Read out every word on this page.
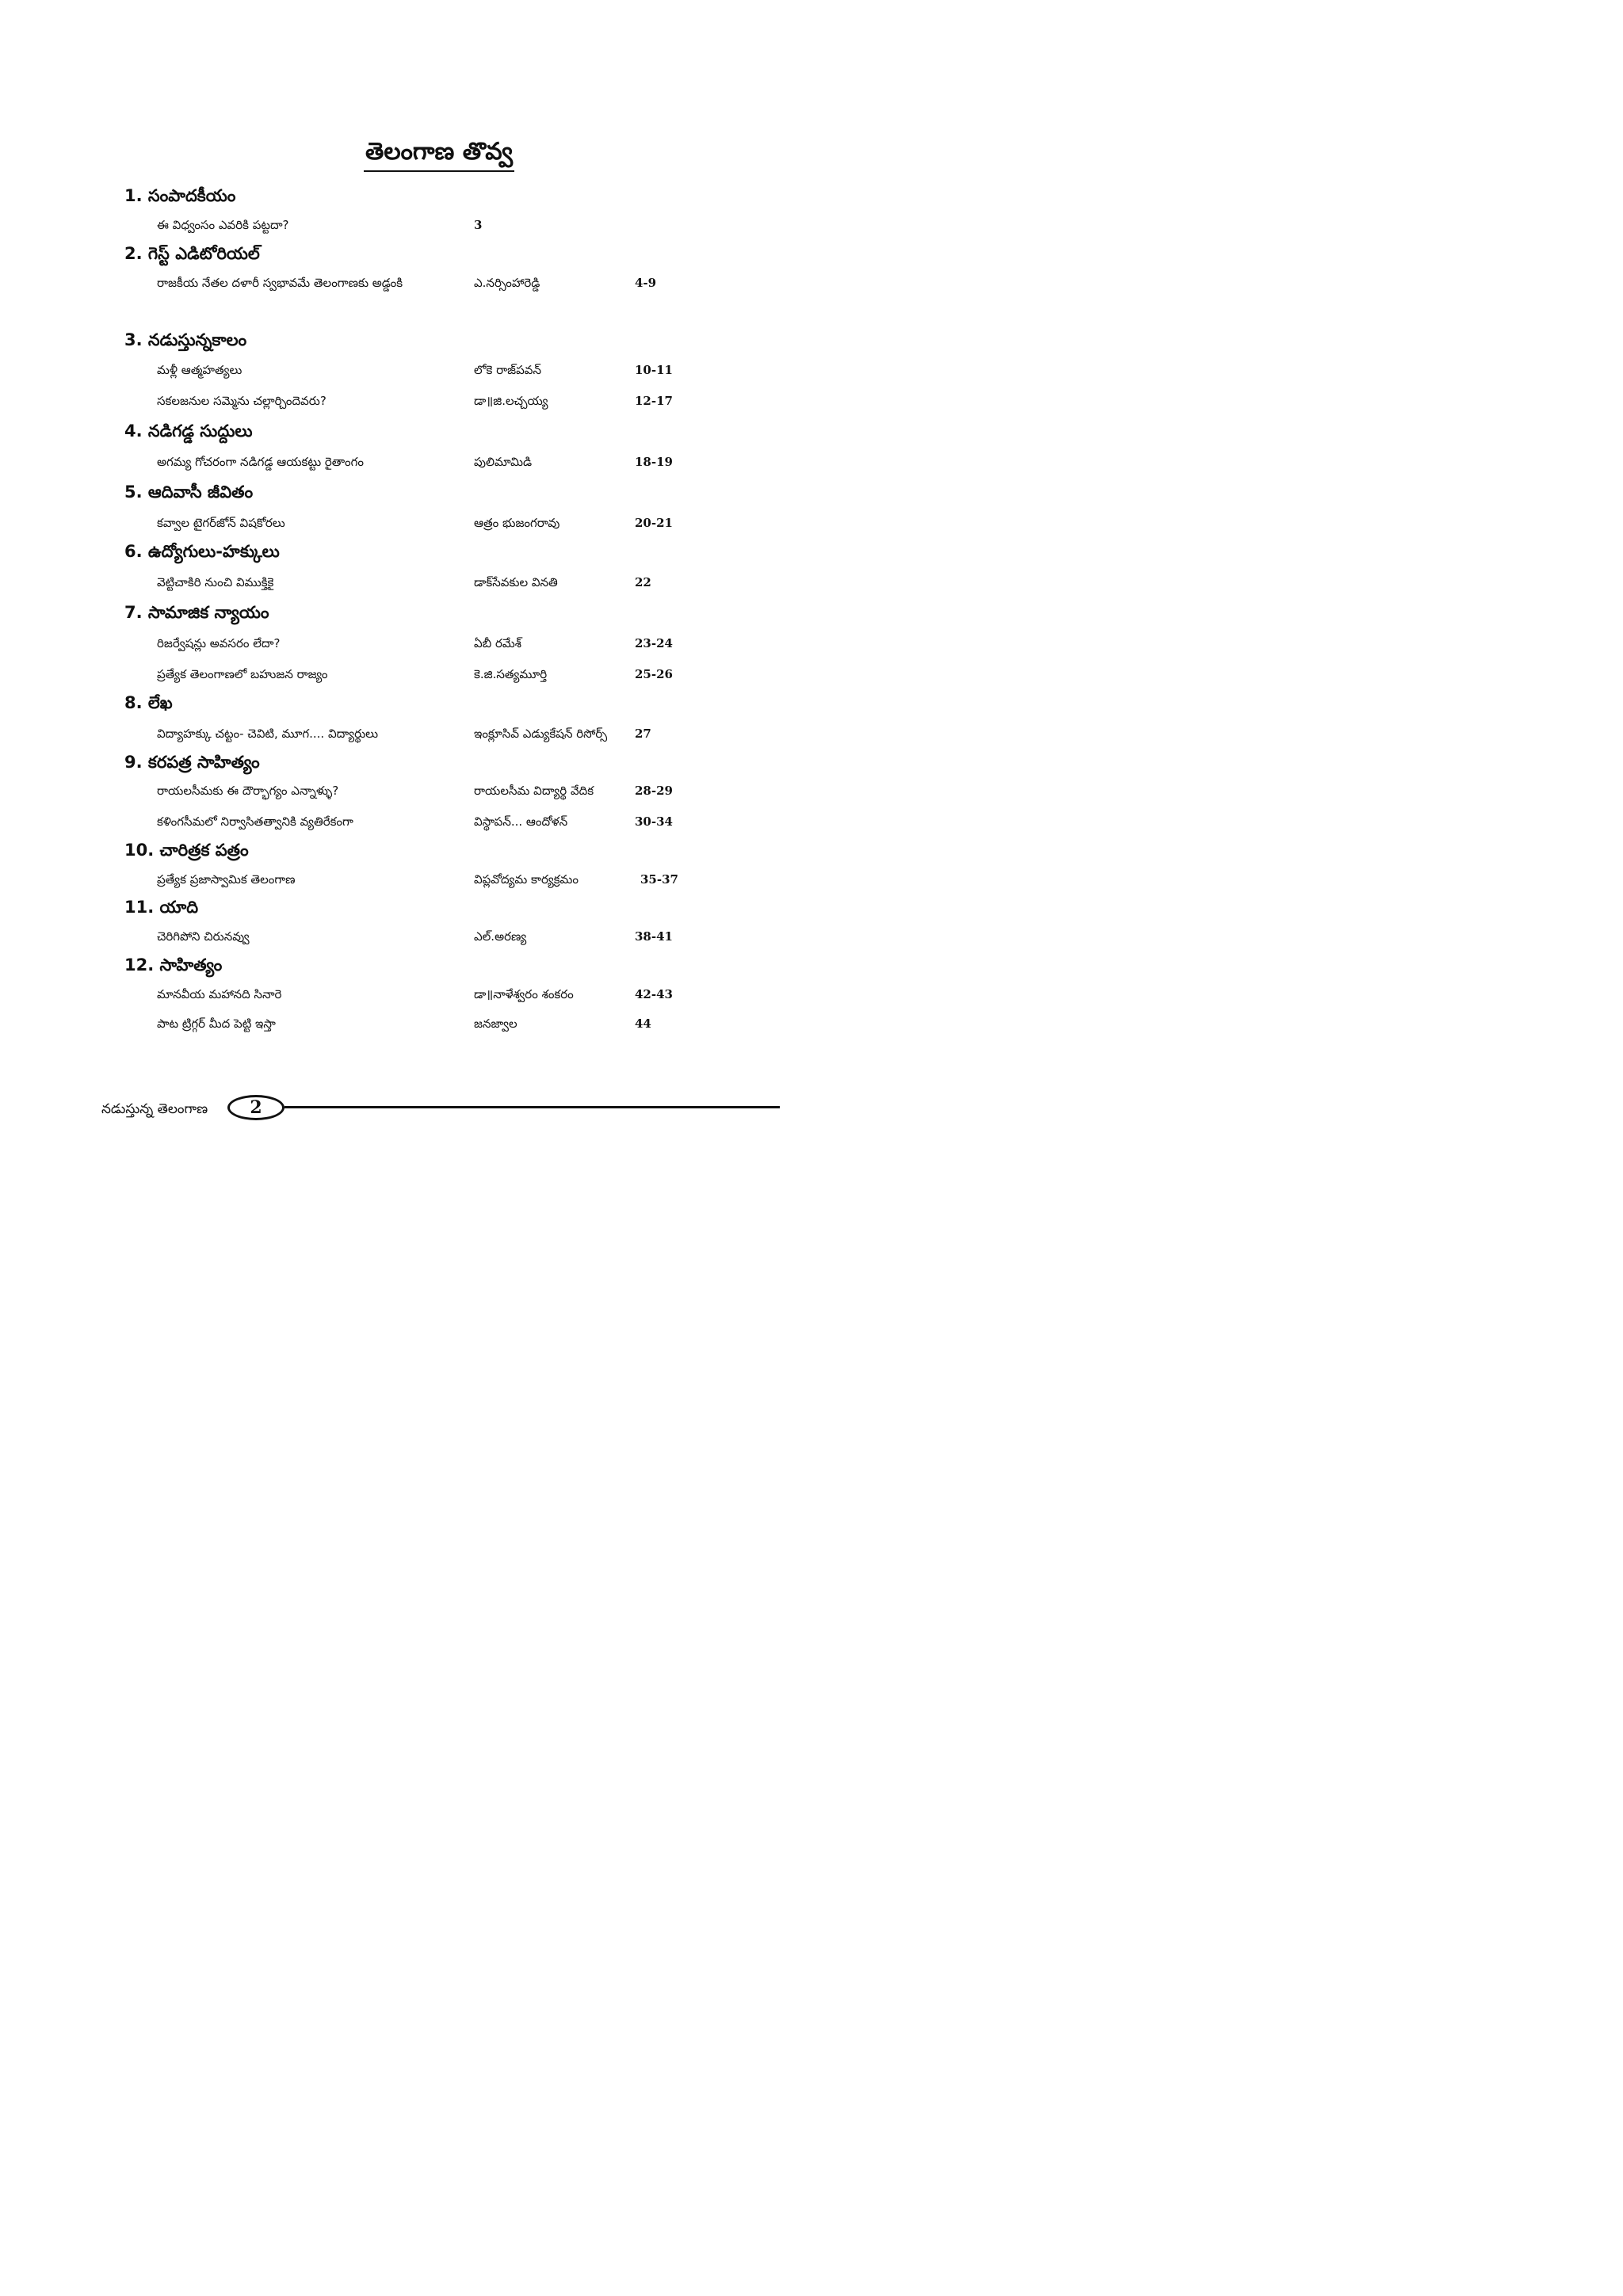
తెలంగాణ తొవ్వ
1. సంపాదకీయం
ఈ విధ్వంసం ఎవరికి పట్టదా?	3
2. గెస్ట్ ఎడిటోరియల్
రాజకీయ నేతల దళారీ స్వభావమే తెలంగాణకు అడ్డంకి	ఎ.నర్సింహారెడ్డి	4-9
3. నడుస్తున్నకాలం
మళ్లీ ఆత్మహత్యలు	లోకె రాజ్‌పవన్	10-11
సకలజనుల సమ్మెను చల్లార్చిందెవరు?	డా॥జి.లచ్చయ్య	12-17
4. నడిగడ్డ సుద్దులు
అగమ్య గోచరంగా నడిగడ్డ ఆయకట్టు రైతాంగం	పులిమామిడి	18-19
5. ఆదివాసీ జీవితం
కవ్వాల టైగర్‌జోన్ విషకోరలు	ఆత్రం భుజంగరావు	20-21
6. ఉద్యోగులు-హక్కులు
వెట్టిచాకిరి నుంచి విముక్తికై	డాక్‌సేవకుల వినతి	22
7. సామాజిక న్యాయం
రిజర్వేషన్లు అవసరం లేదా?	ఏబీ రమేశ్	23-24
ప్రత్యేక తెలంగాణలో బహుజన రాజ్యం	కె.జి.సత్యమూర్తి	25-26
8. లేఖ
విద్యాహక్కు చట్టం- చెవిటి, మూగ.... విద్యార్థులు	ఇంక్లూసివ్ ఎడ్యుకేషన్ రిసోర్స్ 27
9. కరపత్ర సాహిత్యం
రాయలసీమకు ఈ దౌర్భాగ్యం ఎన్నాళ్ళు?	రాయలసీమ విద్యార్థి వేదిక	28-29
కళింగసీమలో నిర్వాసితత్వానికి వ్యతిరేకంగా	విస్థాపన్... ఆందోళన్	30-34
10. చారిత్రక పత్రం
ప్రత్యేక ప్రజాస్వామిక తెలంగాణ	విప్లవోద్యమ కార్యక్రమం	35-37
11. యాది
చెరిగిపోని చిరునవ్వు	ఎల్.అరణ్య	38-41
12. సాహిత్యం
మానవీయ మహానది సినారె	డా॥నాళేశ్వరం శంకరం	42-43
పాట ట్రిగ్గర్ మీద పెట్టి ఇస్తా	జనజ్వాల	44
నడుస్తున్న తెలంగాణ	2
